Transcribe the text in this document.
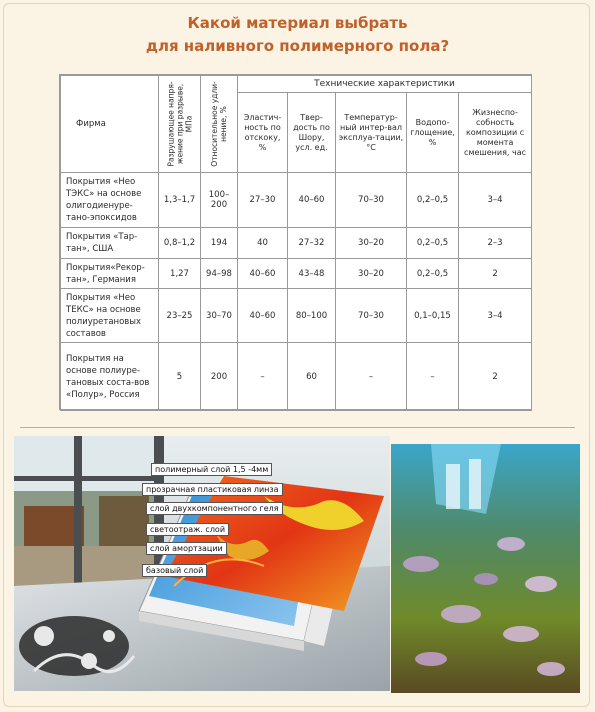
Какой материал выбрать
для наливного полимерного пола?
Фирма	Разрушающее напря-жение при разрыве, МПа	Относительное удли-нение, %	Технические характеристики				
			Эластич-ность по отскоку, %	Твер-дость по Шору, усл. ед.	Температур-ный интер-вал эксплуа-тации, °С	Водопо-глощение, %	Жизнеспо-собность композиции с момента смешения, час
Покрытия «Нео ТЭКС» на основе олигодиенуре-тано-эпоксидов	1,3–1,7	100–200	27–30	40–60	70–30	0,2–0,5	3–4
Покрытия «Тар-тан», США	0,8–1,2	194	40	27–32	30–20	0,2–0,5	2–3
Покрытия«Рекор-тан», Германия	1,27	94–98	40–60	43–48	30–20	0,2–0,5	2
Покрытия «Нео ТЕКС» на основе полиуретановых составов	23–25	30–70	40–60	80–100	70–30	0,1–0,15	3–4
Покрытия на основе полиуре-тановых соста-вов «Полур», Россия	5	200	–	60	–	–	2
полимерный слой 1,5 -4мм
прозрачная пластиковая линза
слой двухкомпонентного геля
светоотраж. слой
слой амортзации
базовый слой
